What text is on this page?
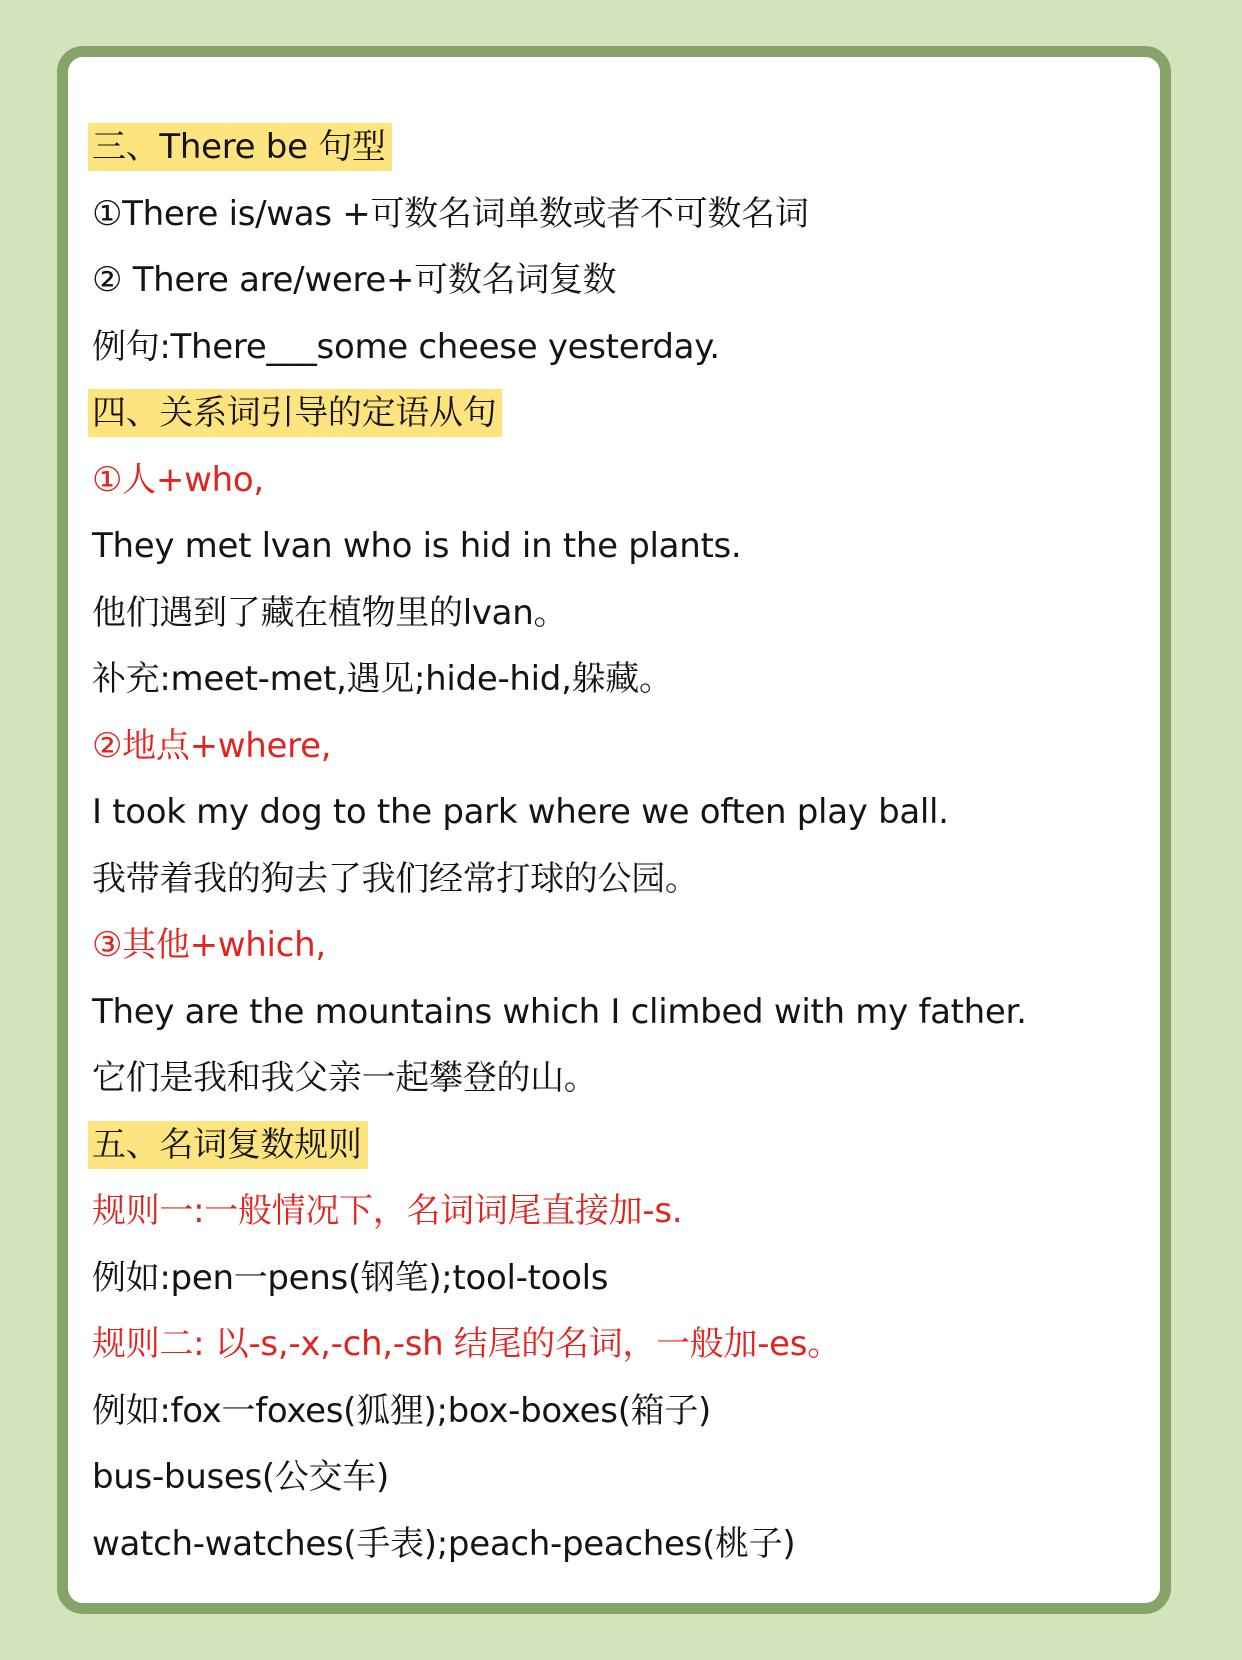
三、There be 句型
①There is/was +可数名词单数或者不可数名词
② There are/were+可数名词复数
例句:There___some cheese yesterday.
四、关系词引导的定语从句
①人+who,
They met lvan who is hid in the plants.
他们遇到了藏在植物里的lvan。
补充:meet-met,遇见;hide-hid,躲藏。
②地点+where,
I took my dog to the park where we often play ball.
我带着我的狗去了我们经常打球的公园。
③其他+which,
They are the mountains which I climbed with my father.
它们是我和我父亲一起攀登的山。
五、名词复数规则
规则一:一般情况下，名词词尾直接加-s.
例如:pen一pens(钢笔);tool-tools
规则二: 以-s,-x,-ch,-sh 结尾的名词，一般加-es。
例如:fox一foxes(狐狸);box-boxes(箱子)
bus-buses(公交车)
watch-watches(手表);peach-peaches(桃子)
